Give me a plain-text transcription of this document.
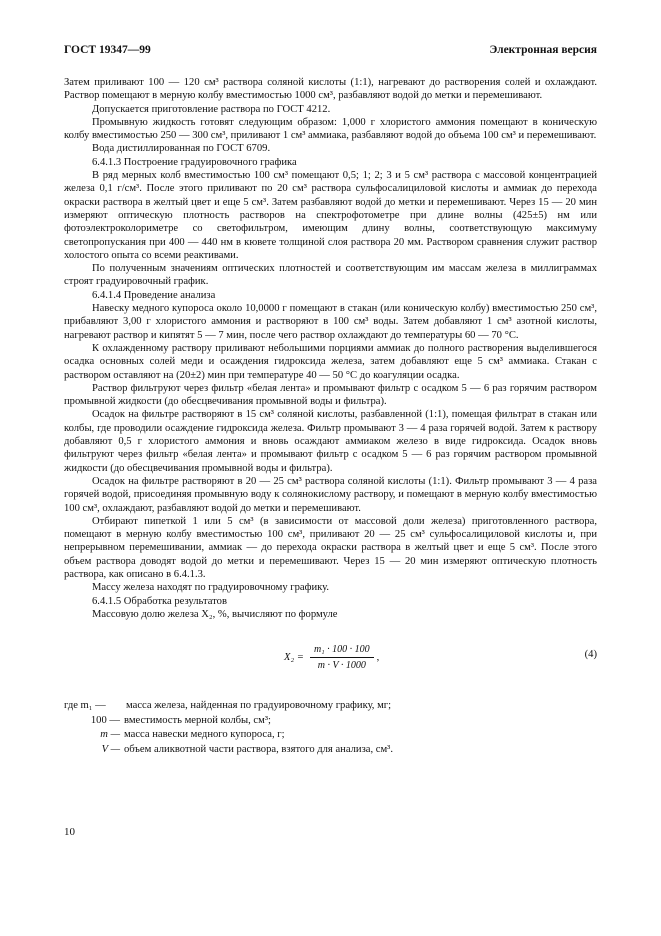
ГОСТ 19347—99	Электронная версия

Затем приливают 100 — 120 см³ раствора соляной кислоты (1:1), нагревают до растворения солей и охлаждают. Раствор помещают в мерную колбу вместимостью 1000 см³, разбавляют водой до метки и перемешивают.

Допускается приготовление раствора по ГОСТ 4212.

Промывную жидкость готовят следующим образом: 1,000 г хлористого аммония помещают в коническую колбу вместимостью 250 — 300 см³, приливают 1 см³ аммиака, разбавляют водой до объема 100 см³ и перемешивают.

Вода дистиллированная по ГОСТ 6709.

6.4.1.3 Построение градуировочного графика

В ряд мерных колб вместимостью 100 см³ помещают 0,5; 1; 2; 3 и 5 см³ раствора с массовой концентрацией железа 0,1 г/см³. После этого приливают по 20 см³ раствора сульфосалициловой кислоты и аммиак до перехода окраски раствора в желтый цвет и еще 5 см³. Затем разбавляют водой до метки и перемешивают. Через 15 — 20 мин измеряют оптическую плотность растворов на спектрофотометре при длине волны (425±5) нм или фотоэлектроколориметре со светофильтром, имеющим длину волны, соответствующую максимуму светопропускания при 400 — 440 нм в кювете толщиной слоя раствора 20 мм. Раствором сравнения служит раствор холостого опыта со всеми реактивами.

По полученным значениям оптических плотностей и соответствующим им массам железа в миллиграммах строят градуировочный график.

6.4.1.4 Проведение анализа

Навеску медного купороса около 10,0000 г помещают в стакан (или коническую колбу) вместимостью 250 см³, прибавляют 3,00 г хлористого аммония и растворяют в 100 см³ воды. Затем добавляют 1 см³ азотной кислоты, нагревают раствор и кипятят 5 — 7 мин, после чего раствор охлаждают до температуры 60 — 70 °C.

К охлажденному раствору приливают небольшими порциями аммиак до полного растворения выделившегося осадка основных солей меди и осаждения гидроксида железа, затем добавляют еще 5 см³ аммиака. Стакан с раствором оставляют на (20±2) мин при температуре 40 — 50 °C до коагуляции осадка.

Раствор фильтруют через фильтр «белая лента» и промывают фильтр с осадком 5 — 6 раз горячим раствором промывной жидкости (до обесцвечивания промывной воды и фильтра).

Осадок на фильтре растворяют в 15 см³ соляной кислоты, разбавленной (1:1), помещая фильтрат в стакан или колбы, где проводили осаждение гидроксида железа. Фильтр промывают 3 — 4 раза горячей водой. Затем к раствору добавляют 0,5 г хлористого аммония и вновь осаждают аммиаком железо в виде гидроксида. Осадок вновь фильтруют через фильтр «белая лента» и промывают фильтр с осадком 5 — 6 раз горячим раствором промывной жидкости (до обесцвечивания промывной воды и фильтра).

Осадок на фильтре растворяют в 20 — 25 см³ раствора соляной кислоты (1:1). Фильтр промывают 3 — 4 раза горячей водой, присоединяя промывную воду к солянокислому раствору, и помещают в мерную колбу вместимостью 100 см³, охлаждают, разбавляют водой до метки и перемешивают.

Отбирают пипеткой 1 или 5 см³ (в зависимости от массовой доли железа) приготовленного раствора, помещают в мерную колбу вместимостью 100 см³, приливают 20 — 25 см³ сульфосалициловой кислоты и, при непрерывном перемешивании, аммиак — до перехода окраски раствора в желтый цвет и еще 5 см³. После этого объем раствора доводят водой до метки и перемешивают. Через 15 — 20 мин измеряют оптическую плотность раствора, как описано в 6.4.1.3.

Массу железа находят по градуировочному графику.

6.4.1.5 Обработка результатов

Массовую долю железа X₂, %, вычисляют по формуле

$X_2 = \frac{\text{m₁ · 100 · 100}}{m \cdot V \cdot 1000}$ ,	(4)
где m₁ —	масса железа, найденная по градуировочному графику, мг;
100 — вместимость мерной колбы, см³;
m — масса навески медного купороса, г;
V — объем аликвотной части раствора, взятого для анализа, см³.
10
